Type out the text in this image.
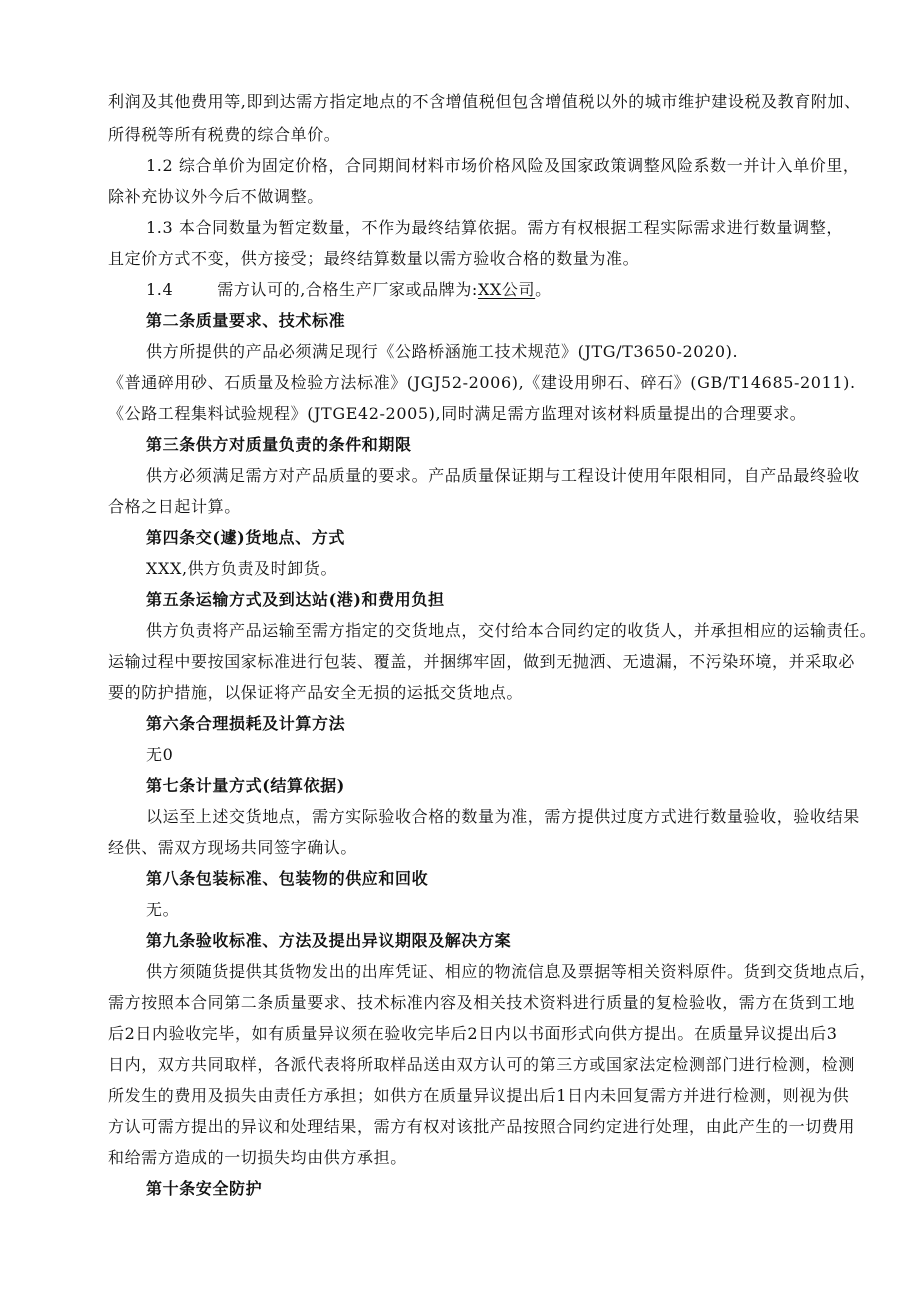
利润及其他费用等,即到达需方指定地点的不含增值税但包含增值税以外的城市维护建设税及教育附加、
所得税等所有税费的综合单价。
1.2 综合单价为固定价格，合同期间材料市场价格风险及国家政策调整风险系数一并计入单价里，
除补充协议外今后不做调整。
1.3 本合同数量为暂定数量，不作为最终结算依据。需方有权根据工程实际需求进行数量调整，
且定价方式不变，供方接受；最终结算数量以需方验收合格的数量为准。
1.4	需方认可的,合格生产厂家或品牌为:XX公司。
第二条质量要求、技术标准
供方所提供的产品必须满足现行《公路桥涵施工技术规范》(JTG/T3650-2020).
《普通碎用砂、石质量及检验方法标准》(JGJ52-2006),《建设用卵石、碎石》(GB/T14685-2011).
《公路工程集料试验规程》(JTGE42-2005),同时满足需方监理对该材料质量提出的合理要求。
第三条供方对质量负责的条件和期限
供方必须满足需方对产品质量的要求。产品质量保证期与工程设计使用年限相同，自产品最终验收
合格之日起计算。
第四条交(遽)货地点、方式
XXX,供方负责及时卸货。
第五条运输方式及到达站(港)和费用负担
供方负责将产品运输至需方指定的交货地点，交付给本合同约定的收货人，并承担相应的运输责任。
运输过程中要按国家标准进行包装、覆盖，并捆绑牢固，做到无抛洒、无遗漏，不污染环境，并采取必
要的防护措施，以保证将产品安全无损的运抵交货地点。
第六条合理损耗及计算方法
无0
第七条计量方式(结算依据)
以运至上述交货地点，需方实际验收合格的数量为准，需方提供过度方式进行数量验收，验收结果
经供、需双方现场共同签字确认。
第八条包装标准、包装物的供应和回收
无。
第九条验收标准、方法及提出异议期限及解决方案
供方须随货提供其货物发出的出库凭证、相应的物流信息及票据等相关资料原件。货到交货地点后，
需方按照本合同第二条质量要求、技术标准内容及相关技术资料进行质量的复检验收，需方在货到工地
后2日内验收完毕，如有质量异议须在验收完毕后2日内以书面形式向供方提出。在质量异议提出后3
日内，双方共同取样，各派代表将所取样品送由双方认可的第三方或国家法定检测部门进行检测，检测
所发生的费用及损失由责任方承担；如供方在质量异议提出后1日内未回复需方并进行检测，则视为供
方认可需方提出的异议和处理结果，需方有权对该批产品按照合同约定进行处理，由此产生的一切费用
和给需方造成的一切损失均由供方承担。
第十条安全防护
